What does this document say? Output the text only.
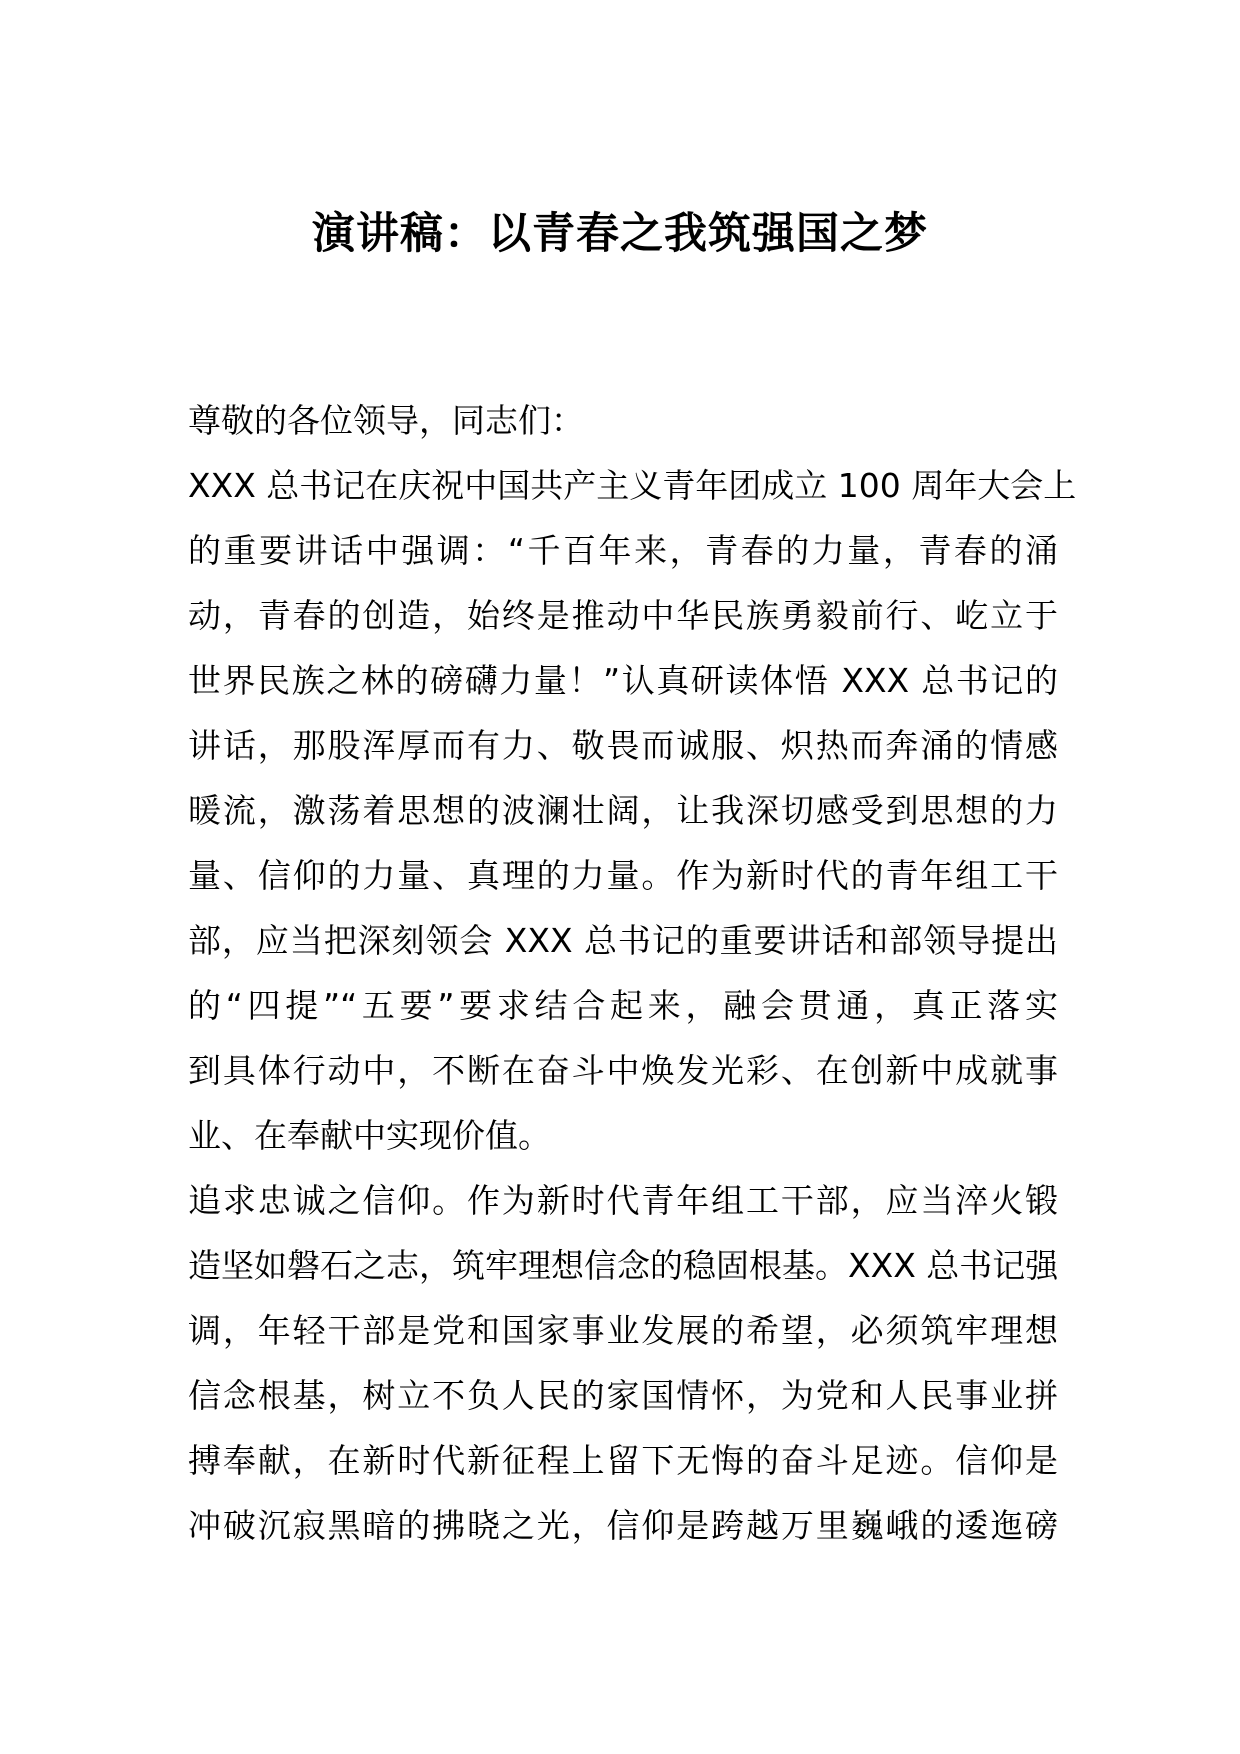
演讲稿：以青春之我筑强国之梦
尊敬的各位领导，同志们：
XXX 总书记在庆祝中国共产主义青年团成立 100 周年大会上
的重要讲话中强调：“千百年来，青春的力量，青春的涌
动，青春的创造，始终是推动中华民族勇毅前行、屹立于
世界民族之林的磅礴力量！”认真研读体悟 XXX 总书记的
讲话，那股浑厚而有力、敬畏而诚服、炽热而奔涌的情感
暖流，激荡着思想的波澜壮阔，让我深切感受到思想的力
量、信仰的力量、真理的力量。作为新时代的青年组工干
部，应当把深刻领会 XXX 总书记的重要讲话和部领导提出
的“四提”“五要”要求结合起来，融会贯通，真正落实
到具体行动中，不断在奋斗中焕发光彩、在创新中成就事
业、在奉献中实现价值。
追求忠诚之信仰。作为新时代青年组工干部，应当淬火锻
造坚如磐石之志，筑牢理想信念的稳固根基。XXX 总书记强
调，年轻干部是党和国家事业发展的希望，必须筑牢理想
信念根基，树立不负人民的家国情怀，为党和人民事业拼
搏奉献，在新时代新征程上留下无悔的奋斗足迹。信仰是
冲破沉寂黑暗的拂晓之光，信仰是跨越万里巍峨的逶迤磅
